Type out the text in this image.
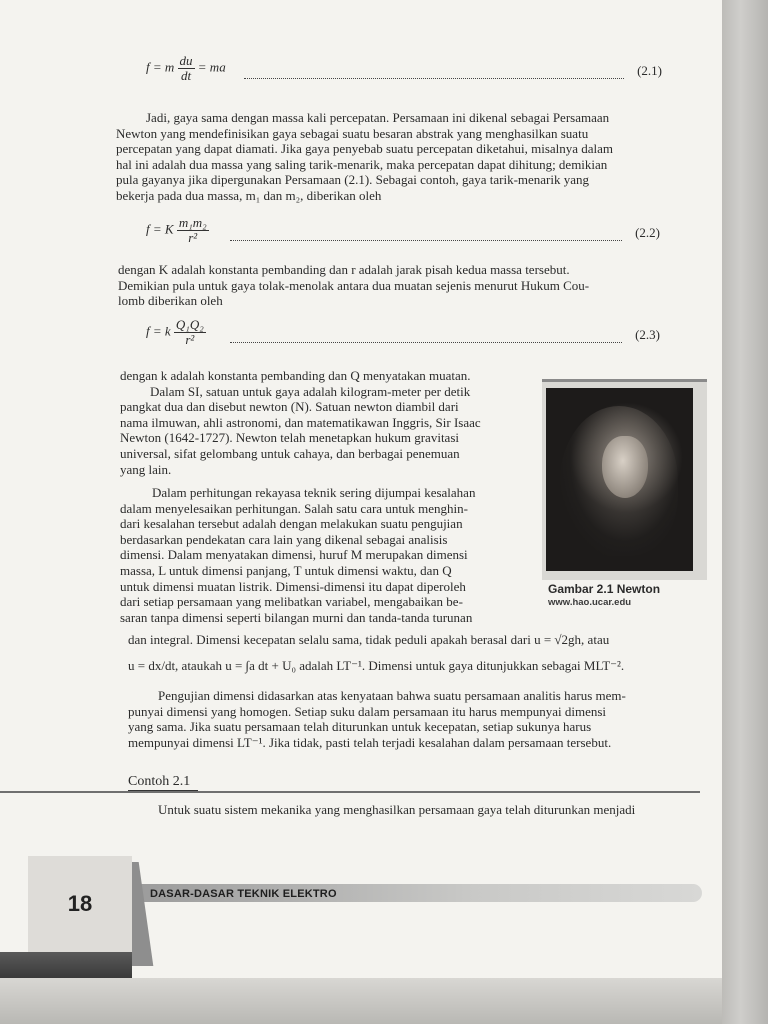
f = m $\frac{du}{dt}$ = ma	(2.1)
Jadi, gaya sama dengan massa kali percepatan. Persamaan ini dikenal sebagai Persamaan
Newton yang mendefinisikan gaya sebagai suatu besaran abstrak yang menghasilkan suatu
percepatan yang dapat diamati. Jika gaya penyebab suatu percepatan diketahui, misalnya dalam
hal ini adalah dua massa yang saling tarik-menarik, maka percepatan dapat dihitung; demikian
pula gayanya jika dipergunakan Persamaan (2.1). Sebagai contoh, gaya tarik-menarik yang
bekerja pada dua massa, m₁ dan m₂, diberikan oleh
f = K $\frac{\text{m₁m₂}}{\text{r²}}$	(2.2)
dengan K adalah konstanta pembanding dan r adalah jarak pisah kedua massa tersebut.
Demikian pula untuk gaya tolak-menolak antara dua muatan sejenis menurut Hukum Cou-
lomb diberikan oleh
f = k $\frac{\text{Q₁Q₂}}{\text{r²}}$	(2.3)
dengan k adalah konstanta pembanding dan Q menyatakan muatan.
Dalam SI, satuan untuk gaya adalah kilogram-meter per detik
pangkat dua dan disebut newton (N). Satuan newton diambil dari
nama ilmuwan, ahli astronomi, dan matematikawan Inggris, Sir Isaac
Newton (1642-1727). Newton telah menetapkan hukum gravitasi
universal, sifat gelombang untuk cahaya, dan berbagai penemuan
yang lain.
Dalam perhitungan rekayasa teknik sering dijumpai kesalahan
dalam menyelesaikan perhitungan. Salah satu cara untuk menghin-
dari kesalahan tersebut adalah dengan melakukan suatu pengujian
berdasarkan pendekatan cara lain yang dikenal sebagai analisis
dimensi. Dalam menyatakan dimensi, huruf M merupakan dimensi
massa, L untuk dimensi panjang, T untuk dimensi waktu, dan Q
untuk dimensi muatan listrik. Dimensi-dimensi itu dapat diperoleh
dari setiap persamaan yang melibatkan variabel, mengabaikan be-
saran tanpa dimensi seperti bilangan murni dan tanda-tanda turunan
dan integral. Dimensi kecepatan selalu sama, tidak peduli apakah berasal dari u = √2gh, atau
u = dx/dt, ataukah u = ∫a dt + U₀ adalah LT⁻¹. Dimensi untuk gaya ditunjukkan sebagai MLT⁻².
Pengujian dimensi didasarkan atas kenyataan bahwa suatu persamaan analitis harus mem-
punyai dimensi yang homogen. Setiap suku dalam persamaan itu harus mempunyai dimensi
yang sama. Jika suatu persamaan telah diturunkan untuk kecepatan, setiap sukunya harus
mempunyai dimensi LT⁻¹. Jika tidak, pasti telah terjadi kesalahan dalam persamaan tersebut.
Gambar 2.1 Newton
www.hao.ucar.edu
Contoh 2.1
Untuk suatu sistem mekanika yang menghasilkan persamaan gaya telah diturunkan menjadi
DASAR-DASAR TEKNIK ELEKTRO
18
